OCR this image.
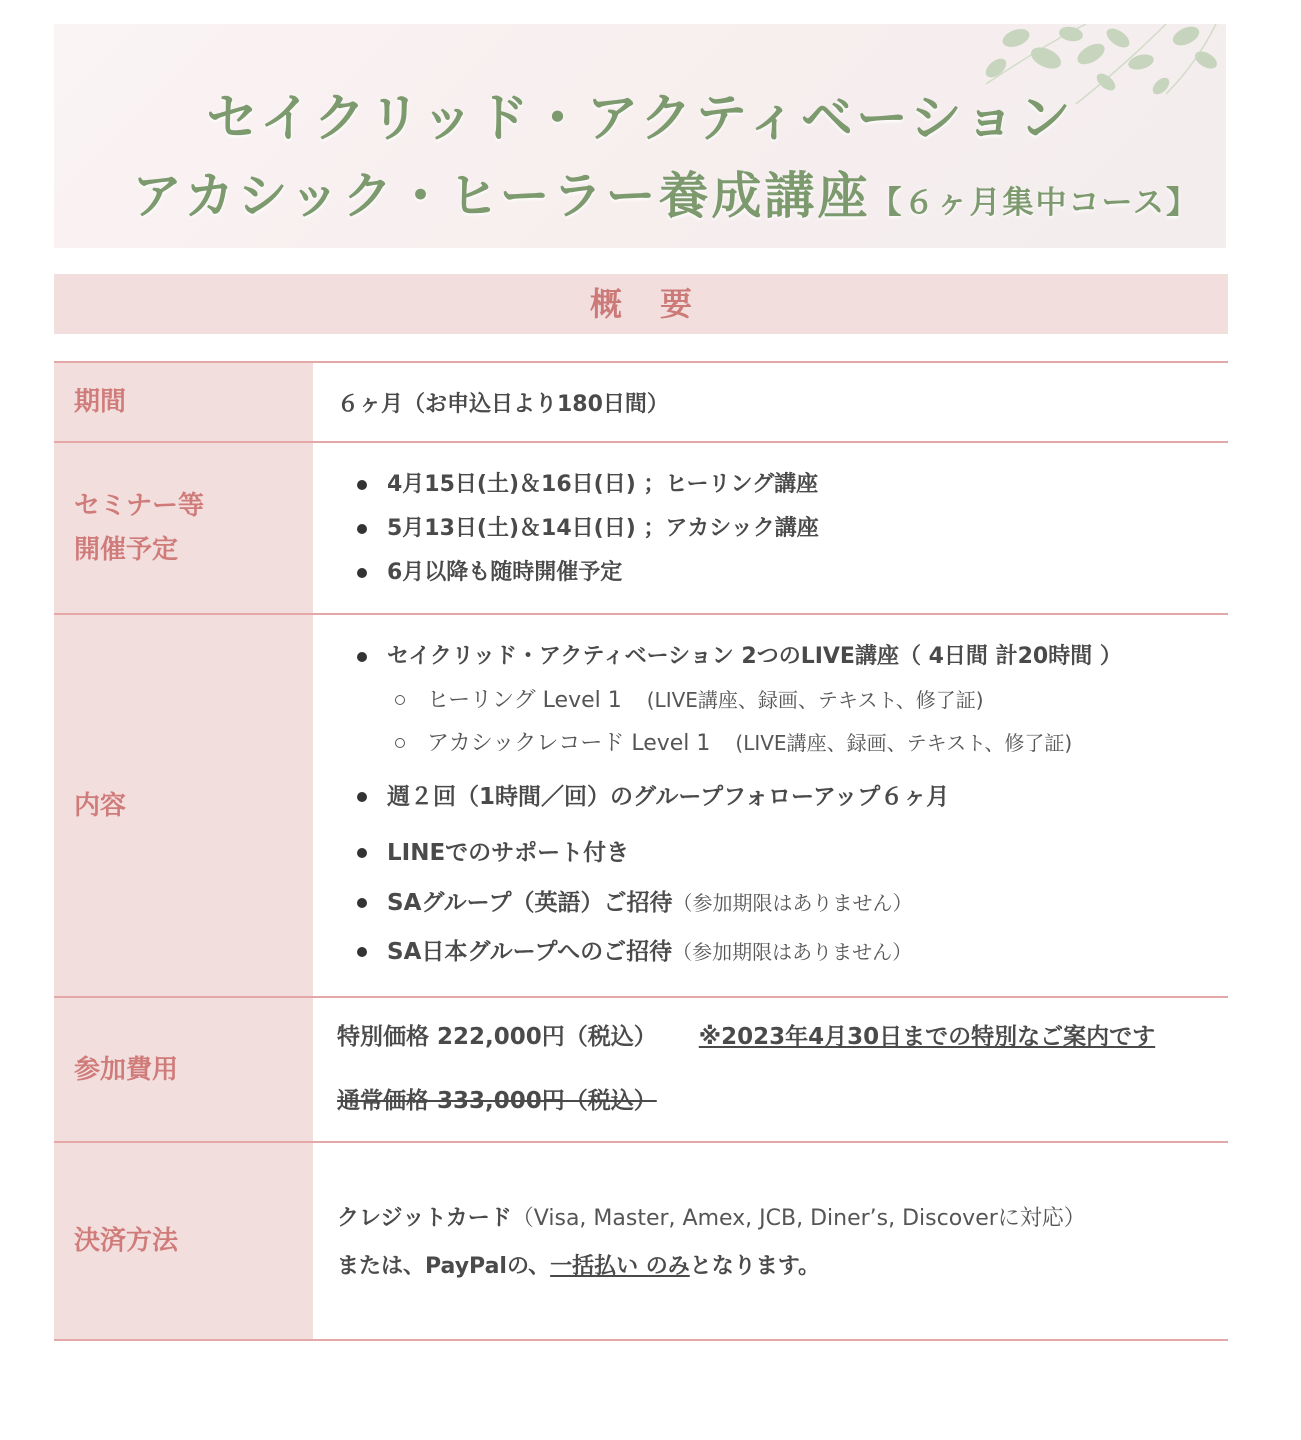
セイクリッド・アクティベーション
アカシック・ヒーラー養成講座【６ヶ月集中コース】
概要
期間	６ヶ月（お申込日より180日間）
セミナー等
開催予定
4月15日(土)＆16日(日) ；ヒーリング講座
5月13日(土)＆14日(日) ；アカシック講座
6月以降も随時開催予定
内容
セイクリッド・アクティベーション 2つのLIVE講座（ 4日間 計20時間 ）
ヒーリング Level 1 (LIVE講座、録画、テキスト、修了証)
アカシックレコード Level 1 (LIVE講座、録画、テキスト、修了証)
週２回（1時間／回）のグループフォローアップ６ヶ月
LINEでのサポート付き
SAグループ（英語）ご招待（参加期限はありません）
SA日本グループへのご招待（参加期限はありません）
参加費用
特別価格 222,000円（税込） ※2023年4月30日までの特別なご案内です
通常価格 333,000円（税込）
決済方法
クレジットカード（Visa, Master, Amex, JCB, Diner’s, Discoverに対応）
または、PayPalの、一括払い のみとなります。
